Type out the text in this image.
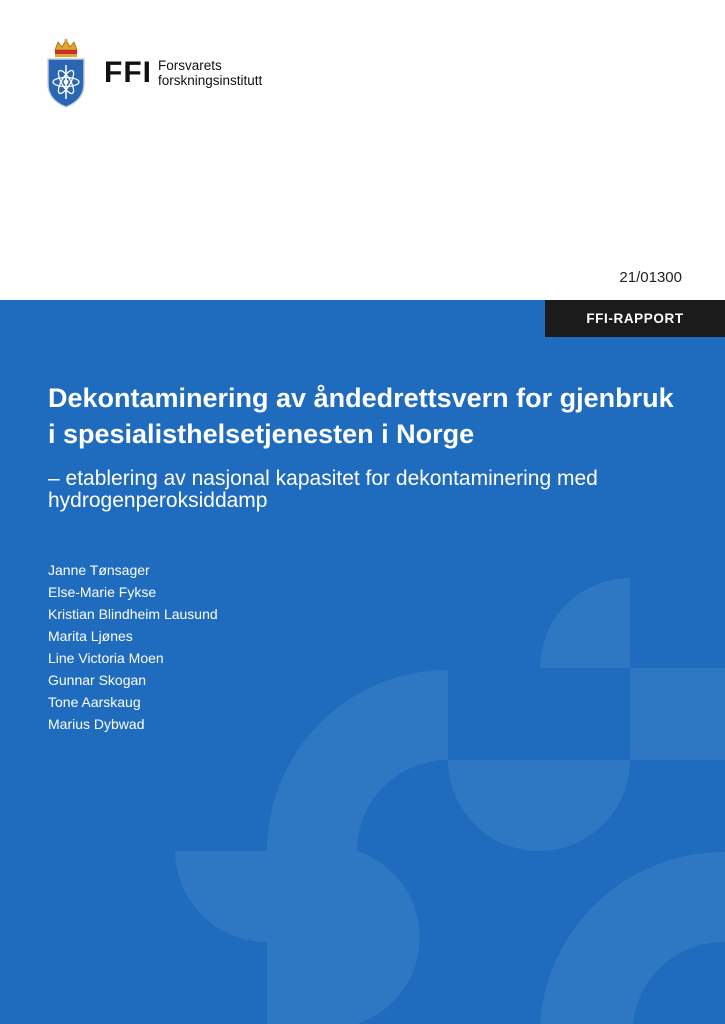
FFI Forsvarets
forskningsinstitutt
21/01300
FFI-RAPPORT
Dekontaminering av åndedrettsvern for gjenbruk i spesialisthelsetjenesten i Norge

– etablering av nasjonal kapasitet for dekontaminering med hydrogenperoksiddamp

Janne Tønsager
Else-Marie Fykse
Kristian Blindheim Lausund
Marita Ljønes
Line Victoria Moen
Gunnar Skogan
Tone Aarskaug
Marius Dybwad
